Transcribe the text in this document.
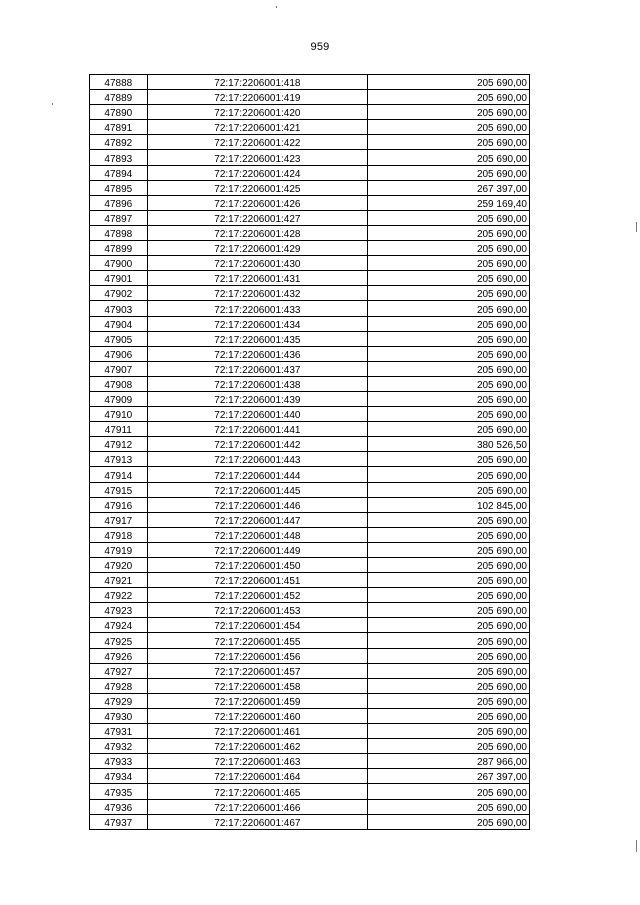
959
47888	72:17:2206001:418	205 690,00
47889	72:17:2206001:419	205 690,00
47890	72:17:2206001:420	205 690,00
47891	72:17:2206001:421	205 690,00
47892	72:17:2206001:422	205 690,00
47893	72:17:2206001:423	205 690,00
47894	72:17:2206001:424	205 690,00
47895	72:17:2206001:425	267 397,00
47896	72:17:2206001:426	259 169,40
47897	72:17:2206001:427	205 690,00
47898	72:17:2206001:428	205 690,00
47899	72:17:2206001:429	205 690,00
47900	72:17:2206001:430	205 690,00
47901	72:17:2206001:431	205 690,00
47902	72:17:2206001:432	205 690,00
47903	72:17:2206001:433	205 690,00
47904	72:17:2206001:434	205 690,00
47905	72:17:2206001:435	205 690,00
47906	72:17:2206001:436	205 690,00
47907	72:17:2206001:437	205 690,00
47908	72:17:2206001:438	205 690,00
47909	72:17:2206001:439	205 690,00
47910	72:17:2206001:440	205 690,00
47911	72:17:2206001:441	205 690,00
47912	72:17:2206001:442	380 526,50
47913	72:17:2206001:443	205 690,00
47914	72:17:2206001:444	205 690,00
47915	72:17:2206001:445	205 690,00
47916	72:17:2206001:446	102 845,00
47917	72:17:2206001:447	205 690,00
47918	72:17:2206001:448	205 690,00
47919	72:17:2206001:449	205 690,00
47920	72:17:2206001:450	205 690,00
47921	72:17:2206001:451	205 690,00
47922	72:17:2206001:452	205 690,00
47923	72:17:2206001:453	205 690,00
47924	72:17:2206001:454	205 690,00
47925	72:17:2206001:455	205 690,00
47926	72:17:2206001:456	205 690,00
47927	72:17:2206001:457	205 690,00
47928	72:17:2206001:458	205 690,00
47929	72:17:2206001:459	205 690,00
47930	72:17:2206001:460	205 690,00
47931	72:17:2206001:461	205 690,00
47932	72:17:2206001:462	205 690,00
47933	72:17:2206001:463	287 966,00
47934	72:17:2206001:464	267 397,00
47935	72:17:2206001:465	205 690,00
47936	72:17:2206001:466	205 690,00
47937	72:17:2206001:467	205 690,00
